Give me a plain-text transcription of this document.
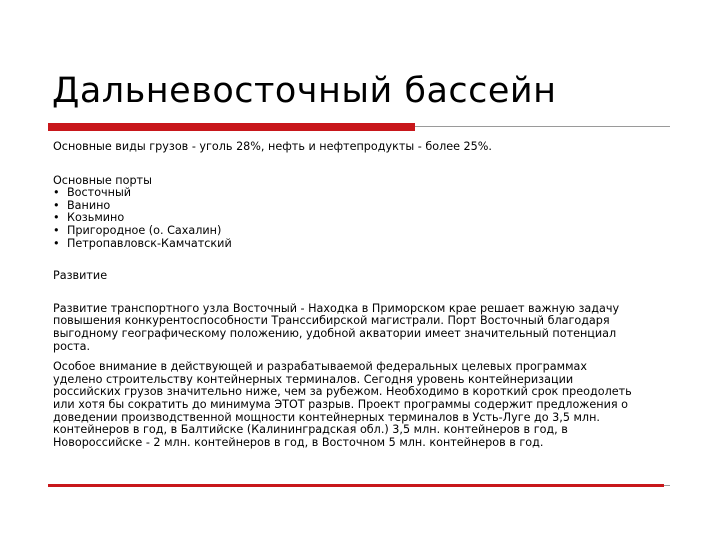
Дальневосточный бассейн

Основные виды грузов - уголь 28%, нефть и нефтепродукты - более 25%.

Основные порты

• Восточный
• Ванино
• Козьмино
• Пригородное (о. Сахалин)
• Петропавловск-Камчатский

Развитие

Развитие транспортного узла Восточный - Находка в Приморском крае решает важную задачу
повышения конкурентоспособности Транссибирской магистрали. Порт Восточный благодаря
выгодному географическому положению, удобной акватории имеет значительный потенциал
роста.
Особое внимание в действующей и разрабатываемой федеральных целевых программах
уделено строительству контейнерных терминалов. Сегодня уровень контейнеризации
российских грузов значительно ниже, чем за рубежом. Необходимо в короткий срок преодолеть
или хотя бы сократить до минимума ЭТОТ разрыв. Проект программы содержит предложения о
доведении производственной мощности контейнерных терминалов в Усть-Луге до 3,5 млн.
контейнеров в год, в Балтийске (Калининградская обл.) 3,5 млн. контейнеров в год, в
Новороссийске - 2 млн. контейнеров в год, в Восточном 5 млн. контейнеров в год.
